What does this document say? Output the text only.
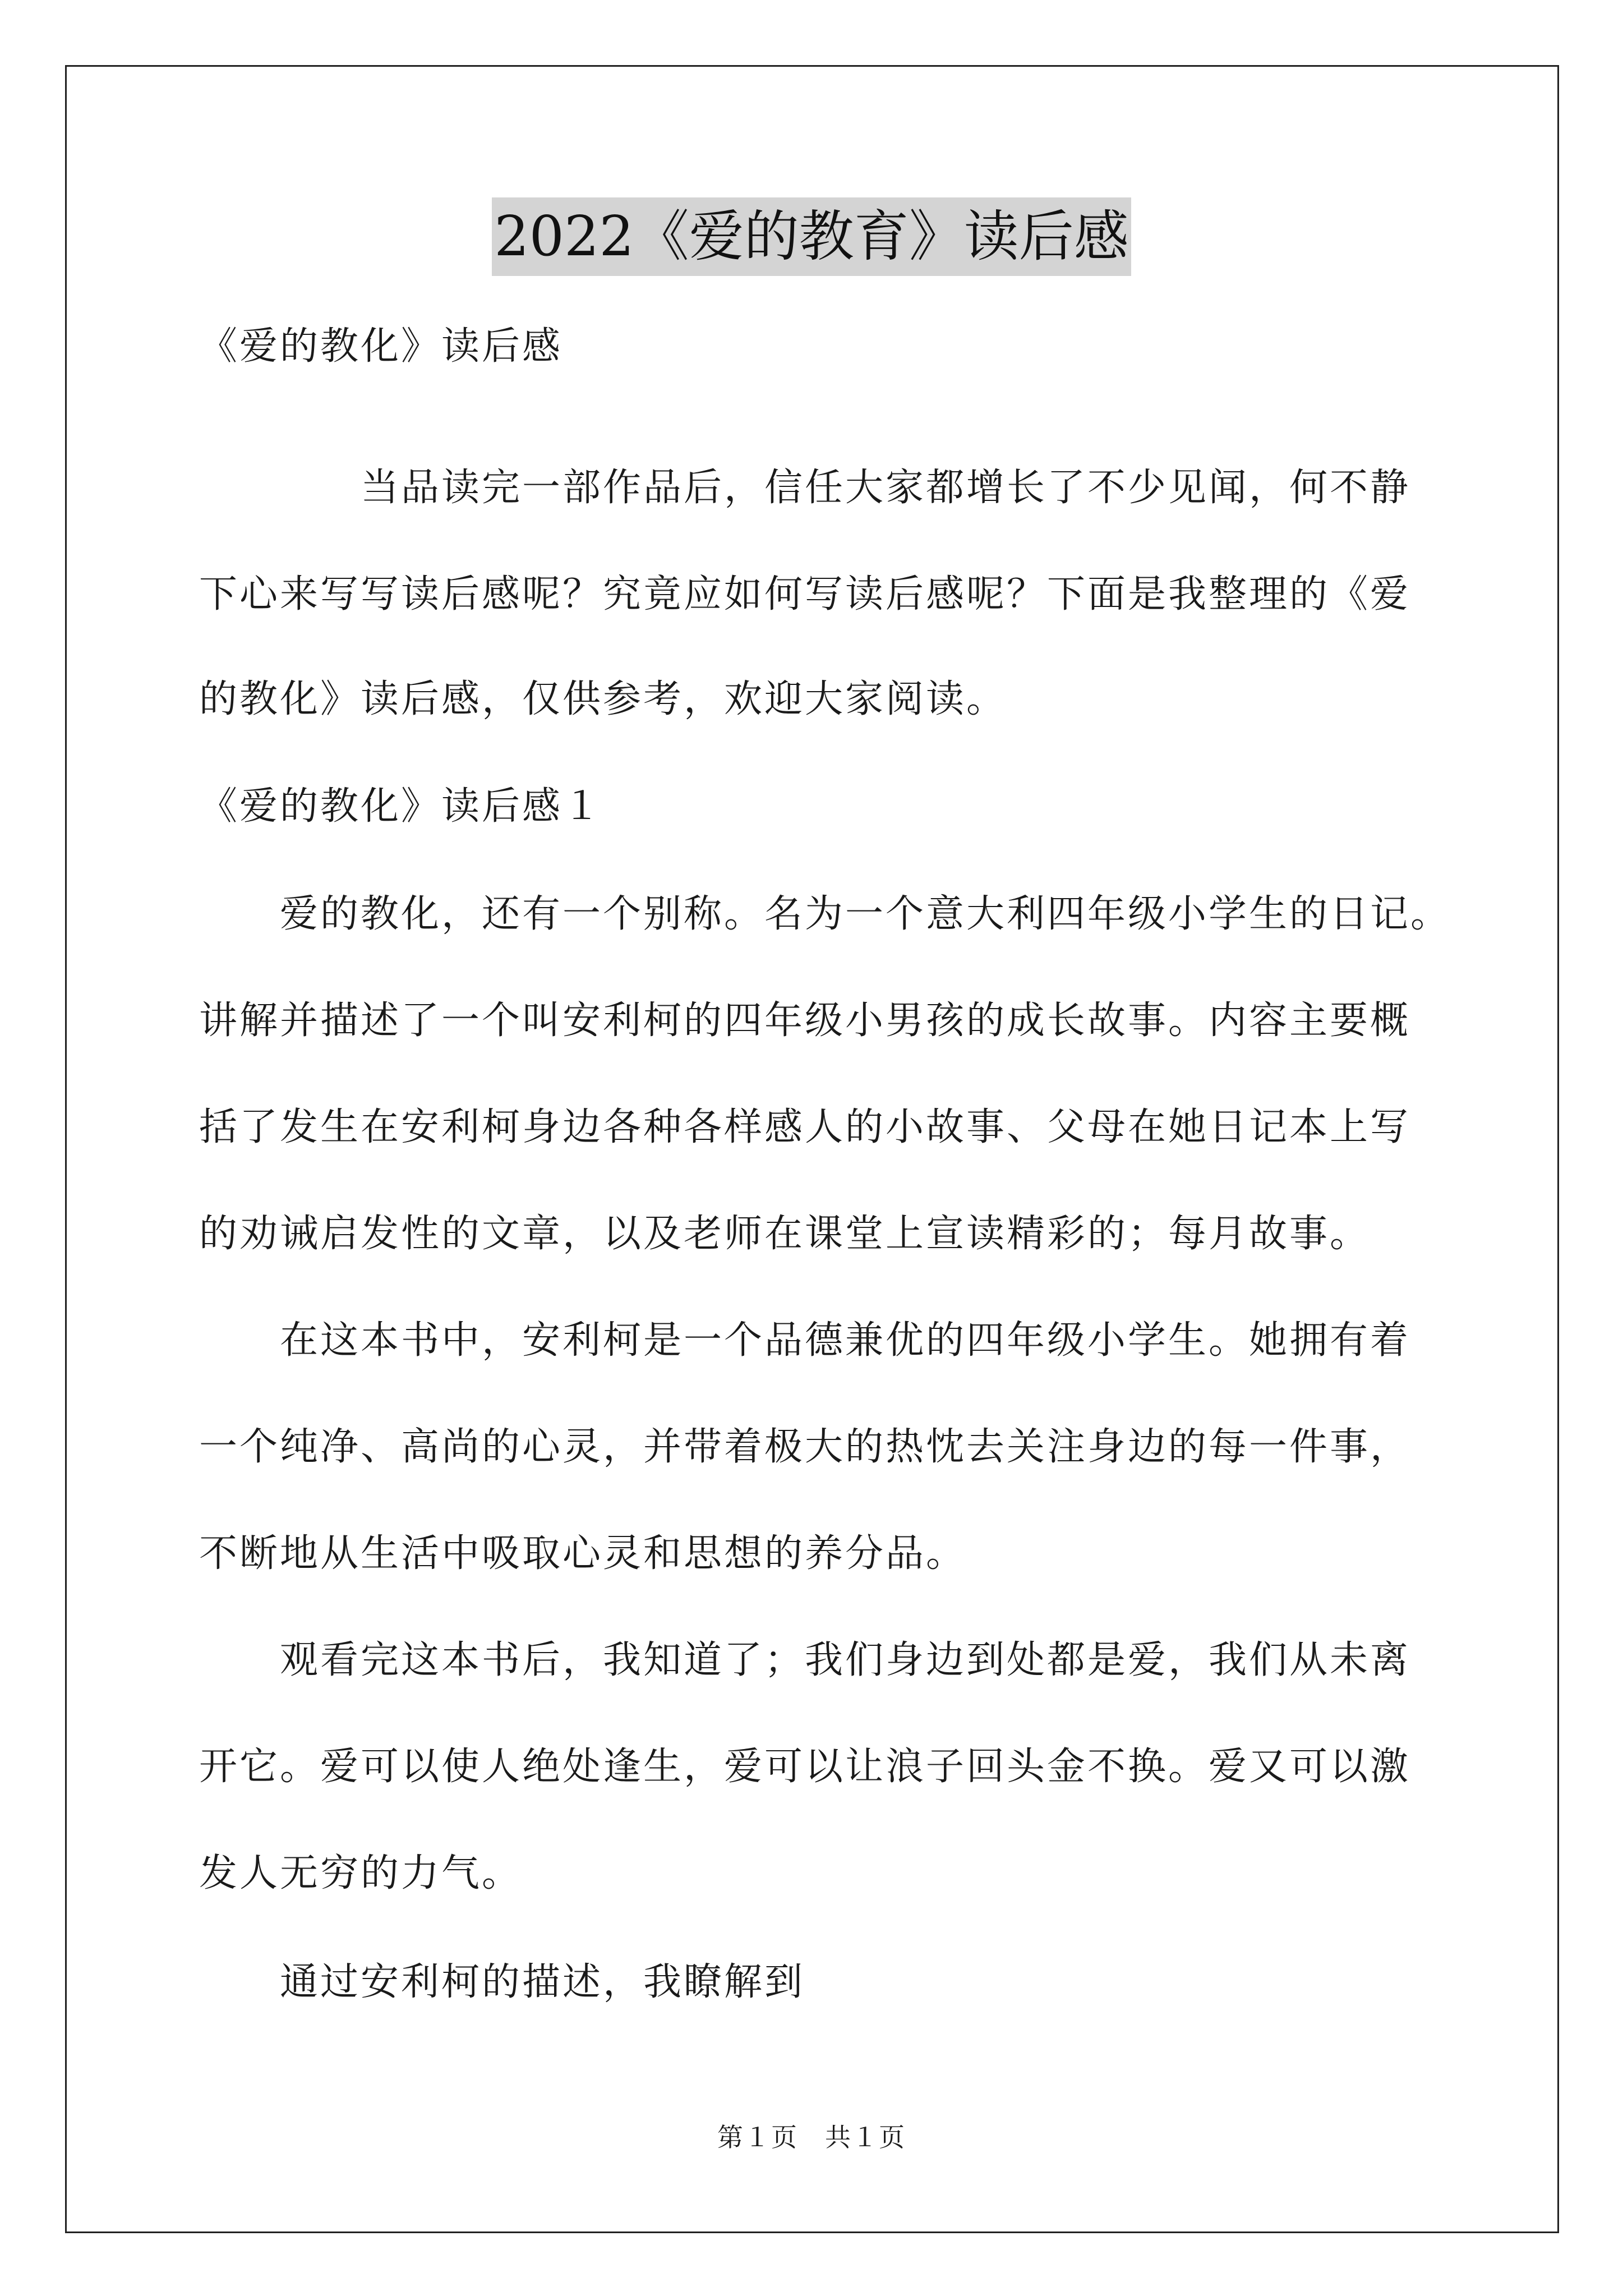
2022《爱的教育》读后感
《爱的教化》读后感
　　　　当品读完一部作品后，信任大家都增长了不少见闻，何不静
下心来写写读后感呢？究竟应如何写读后感呢？下面是我整理的《爱
的教化》读后感，仅供参考，欢迎大家阅读。
《爱的教化》读后感１
　　爱的教化，还有一个别称。名为一个意大利四年级小学生的日记。
讲解并描述了一个叫安利柯的四年级小男孩的成长故事。内容主要概
括了发生在安利柯身边各种各样感人的小故事、父母在她日记本上写
的劝诫启发性的文章，以及老师在课堂上宣读精彩的；每月故事。
　　在这本书中，安利柯是一个品德兼优的四年级小学生。她拥有着
一个纯净、高尚的心灵，并带着极大的热忱去关注身边的每一件事，
不断地从生活中吸取心灵和思想的养分品。
　　观看完这本书后，我知道了；我们身边到处都是爱，我们从未离
开它。爱可以使人绝处逢生，爱可以让浪子回头金不换。爱又可以激
发人无穷的力气。
　　通过安利柯的描述，我瞭解到
第１页　共１页
